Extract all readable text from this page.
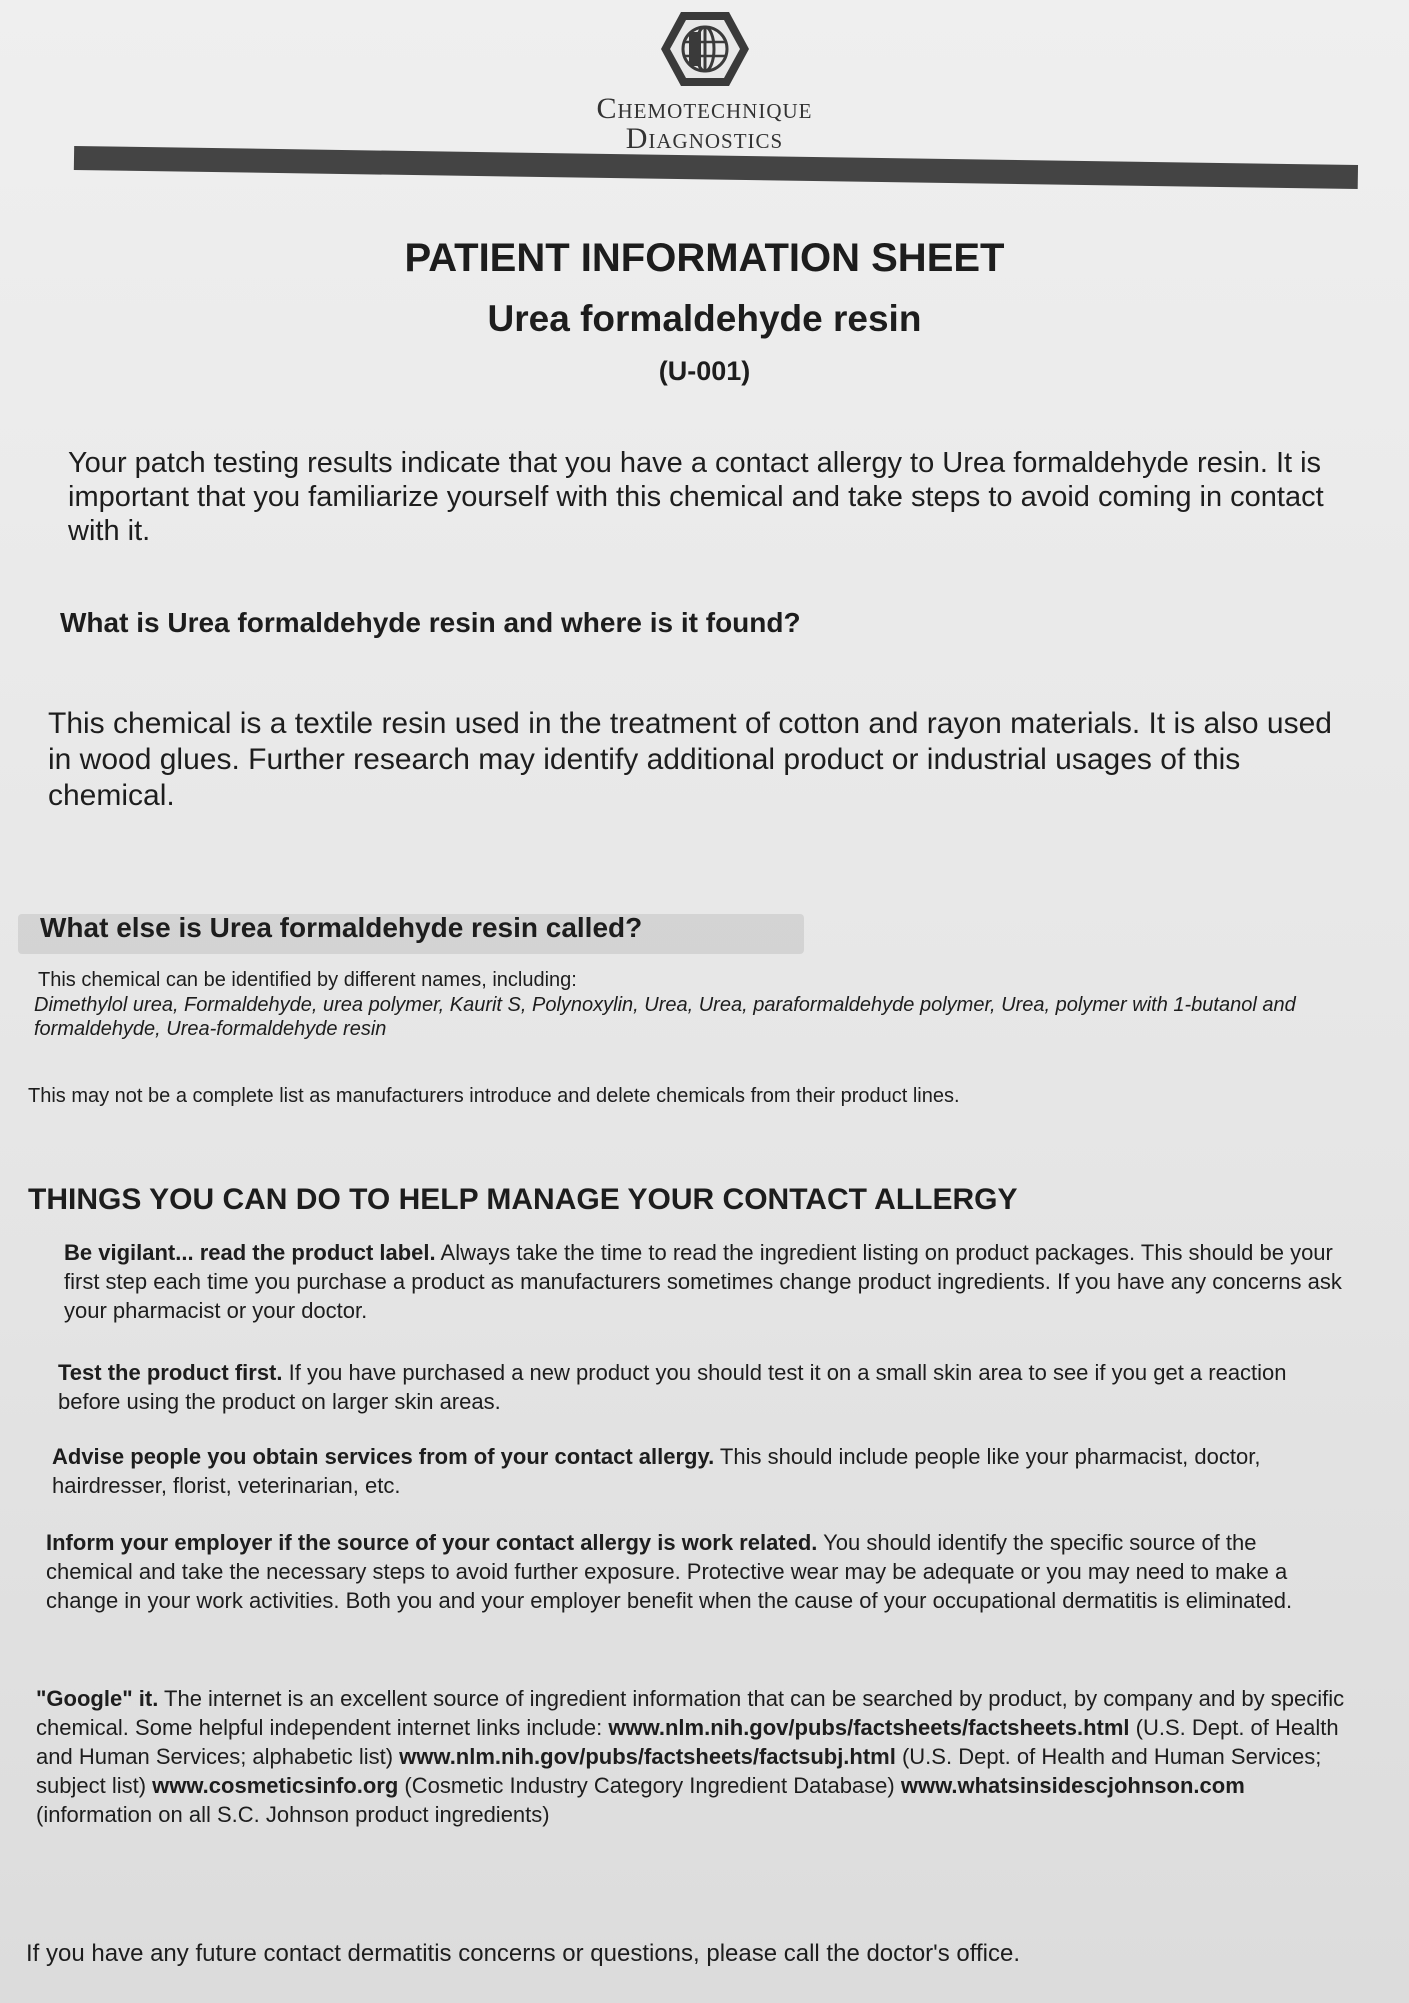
Chemotechnique
Diagnostics
PATIENT INFORMATION SHEET
Urea formaldehyde resin
(U-001)

Your patch testing results indicate that you have a contact allergy to Urea formaldehyde resin. It is important that you familiarize yourself with this chemical and take steps to avoid coming in contact with it.

What is Urea formaldehyde resin and where is it found?

This chemical is a textile resin used in the treatment of cotton and rayon materials. It is also used in wood glues. Further research may identify additional product or industrial usages of this chemical.

What else is Urea formaldehyde resin called?

This chemical can be identified by different names, including:

Dimethylol urea, Formaldehyde, urea polymer, Kaurit S, Polynoxylin, Urea, Urea, paraformaldehyde polymer, Urea, polymer with 1-butanol and formaldehyde, Urea-formaldehyde resin

This may not be a complete list as manufacturers introduce and delete chemicals from their product lines.

THINGS YOU CAN DO TO HELP MANAGE YOUR CONTACT ALLERGY

Be vigilant... read the product label. Always take the time to read the ingredient listing on product packages. This should be your first step each time you purchase a product as manufacturers sometimes change product ingredients. If you have any concerns ask your pharmacist or your doctor.

Test the product first. If you have purchased a new product you should test it on a small skin area to see if you get a reaction before using the product on larger skin areas.

Advise people you obtain services from of your contact allergy. This should include people like your pharmacist, doctor, hairdresser, florist, veterinarian, etc.

Inform your employer if the source of your contact allergy is work related. You should identify the specific source of the chemical and take the necessary steps to avoid further exposure. Protective wear may be adequate or you may need to make a change in your work activities. Both you and your employer benefit when the cause of your occupational dermatitis is eliminated.

"Google" it. The internet is an excellent source of ingredient information that can be searched by product, by company and by specific chemical. Some helpful independent internet links include: www.nlm.nih.gov/pubs/factsheets/factsheets.html (U.S. Dept. of Health and Human Services; alphabetic list) www.nlm.nih.gov/pubs/factsheets/factsubj.html (U.S. Dept. of Health and Human Services; subject list) www.cosmeticsinfo.org (Cosmetic Industry Category Ingredient Database) www.whatsinsidescjohnson.com (information on all S.C. Johnson product ingredients)

If you have any future contact dermatitis concerns or questions, please call the doctor's office.
